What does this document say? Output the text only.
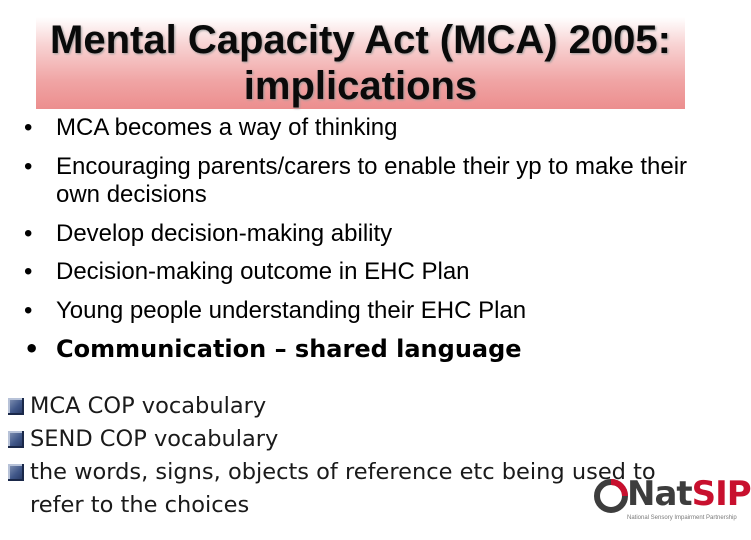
Mental Capacity Act (MCA) 2005: implications
• MCA becomes a way of thinking
• Encouraging parents/carers to enable their yp to make their own decisions
• Develop decision-making ability
• Decision-making outcome in EHC Plan
• Young people understanding their EHC Plan
• Communication – shared language
MCA COP vocabulary
SEND COP vocabulary
the words, signs, objects of reference etc being used to refer to the choices	NatSIP
National Sensory Impairment Partnership
